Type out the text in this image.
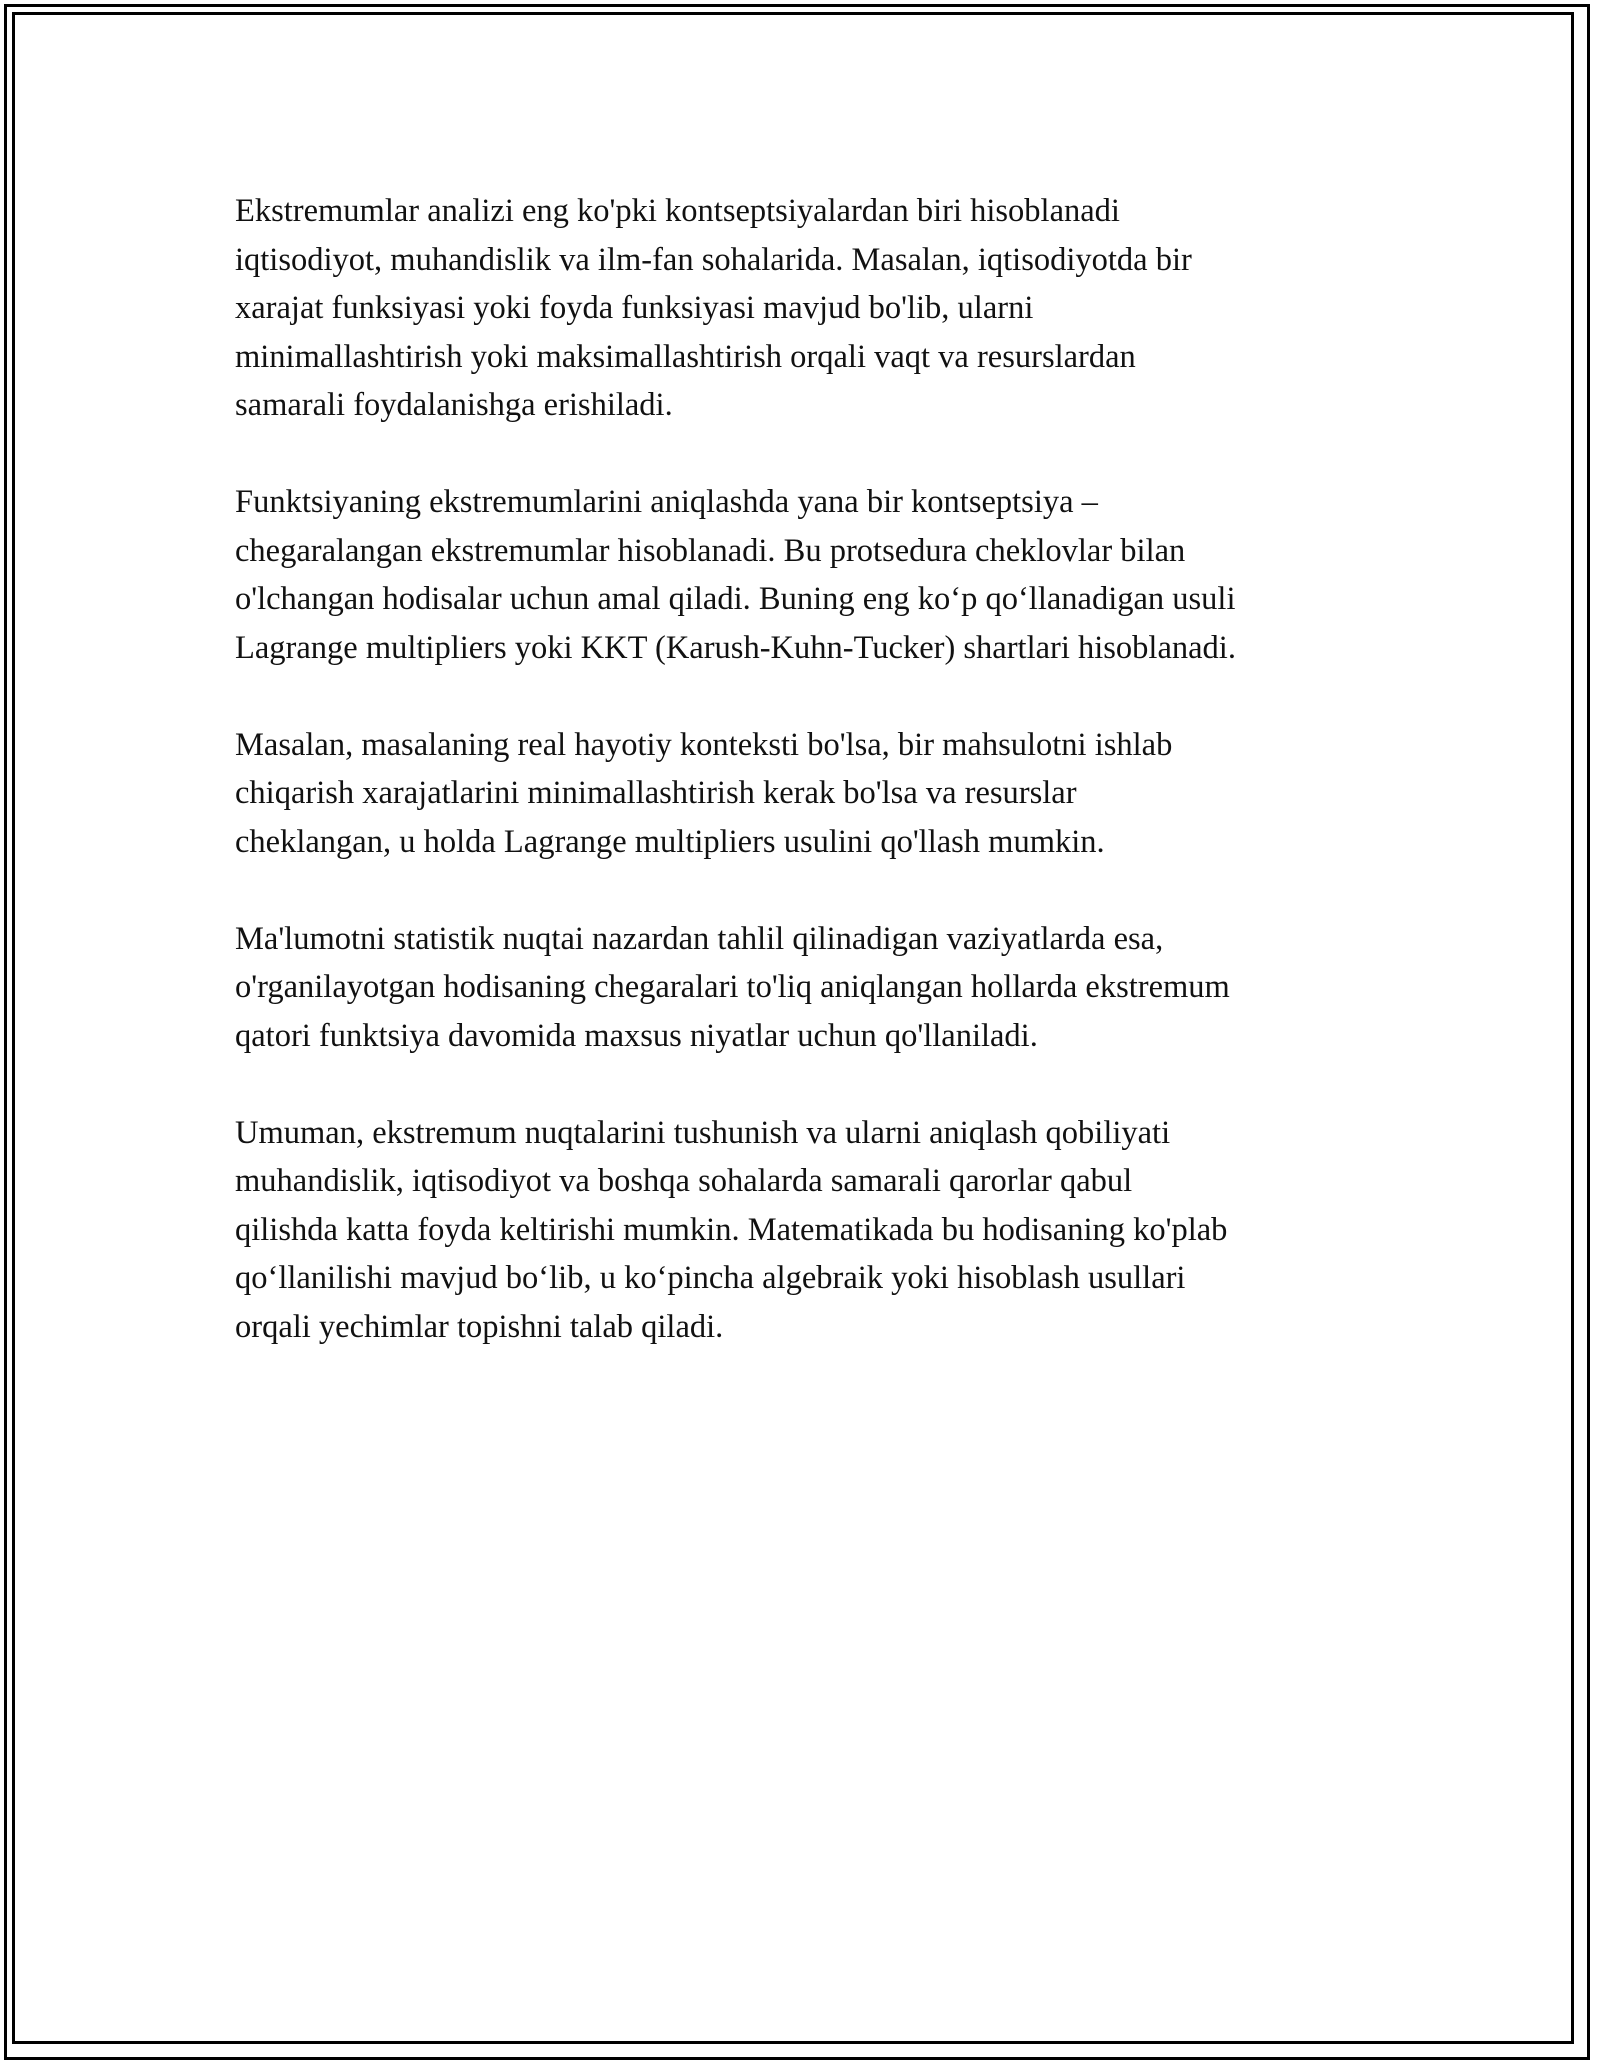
Ekstremumlar analizi eng ko'pki kontseptsiyalardan biri hisoblanadi
iqtisodiyot, muhandislik va ilm-fan sohalarida. Masalan, iqtisodiyotda bir
xarajat funksiyasi yoki foyda funksiyasi mavjud bo'lib, ularni
minimallashtirish yoki maksimallashtirish orqali vaqt va resurslardan
samarali foydalanishga erishiladi.

Funktsiyaning ekstremumlarini aniqlashda yana bir kontseptsiya –
chegaralangan ekstremumlar hisoblanadi. Bu protsedura cheklovlar bilan
o'lchangan hodisalar uchun amal qiladi. Buning eng koʻp qoʻllanadigan usuli
Lagrange multipliers yoki KKT (Karush-Kuhn-Tucker) shartlari hisoblanadi.

Masalan, masalaning real hayotiy konteksti bo'lsa, bir mahsulotni ishlab
chiqarish xarajatlarini minimallashtirish kerak bo'lsa va resurslar
cheklangan, u holda Lagrange multipliers usulini qo'llash mumkin.

Ma'lumotni statistik nuqtai nazardan tahlil qilinadigan vaziyatlarda esa,
o'rganilayotgan hodisaning chegaralari to'liq aniqlangan hollarda ekstremum
qatori funktsiya davomida maxsus niyatlar uchun qo'llaniladi.

Umuman, ekstremum nuqtalarini tushunish va ularni aniqlash qobiliyati
muhandislik, iqtisodiyot va boshqa sohalarda samarali qarorlar qabul
qilishda katta foyda keltirishi mumkin. Matematikada bu hodisaning ko'plab
qoʻllanilishi mavjud boʻlib, u koʻpincha algebraik yoki hisoblash usullari
orqali yechimlar topishni talab qiladi.
